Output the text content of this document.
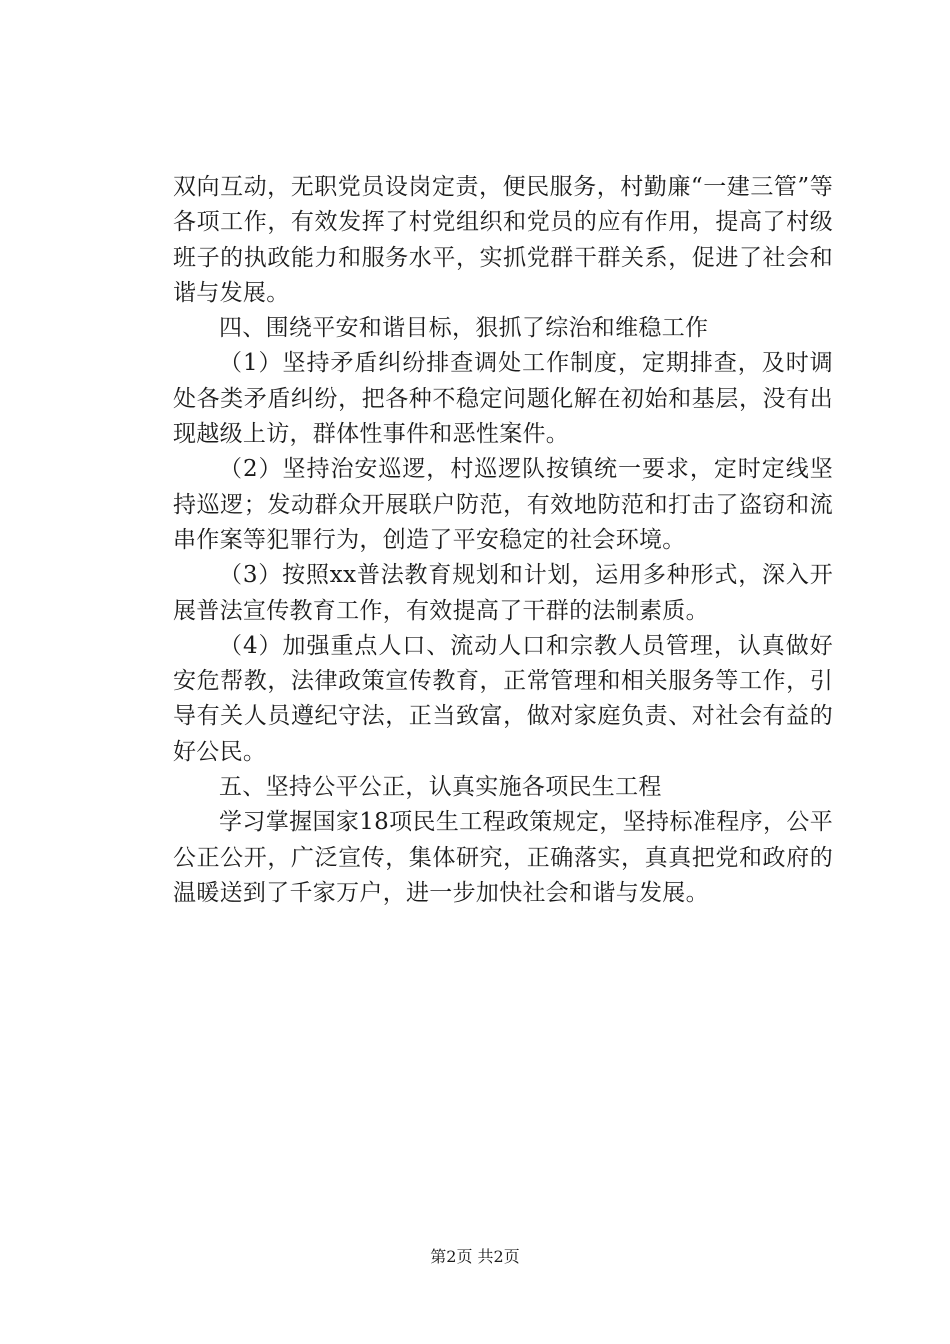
双向互动，无职党员设岗定责，便民服务，村勤廉“一建三管”等各项工作，有效发挥了村党组织和党员的应有作用，提高了村级班子的执政能力和服务水平，实抓党群干群关系，促进了社会和谐与发展。

四、围绕平安和谐目标，狠抓了综治和维稳工作

（1）坚持矛盾纠纷排查调处工作制度，定期排查，及时调处各类矛盾纠纷，把各种不稳定问题化解在初始和基层，没有出现越级上访，群体性事件和恶性案件。

（2）坚持治安巡逻，村巡逻队按镇统一要求，定时定线坚持巡逻；发动群众开展联户防范，有效地防范和打击了盗窃和流串作案等犯罪行为，创造了平安稳定的社会环境。

（3）按照xx普法教育规划和计划，运用多种形式，深入开展普法宣传教育工作，有效提高了干群的法制素质。

（4）加强重点人口、流动人口和宗教人员管理，认真做好安危帮教，法律政策宣传教育，正常管理和相关服务等工作，引导有关人员遵纪守法，正当致富，做对家庭负责、对社会有益的好公民。

五、坚持公平公正，认真实施各项民生工程

学习掌握国家18项民生工程政策规定，坚持标准程序，公平公正公开，广泛宣传，集体研究，正确落实，真真把党和政府的温暖送到了千家万户，进一步加快社会和谐与发展。

第2页 共2页
